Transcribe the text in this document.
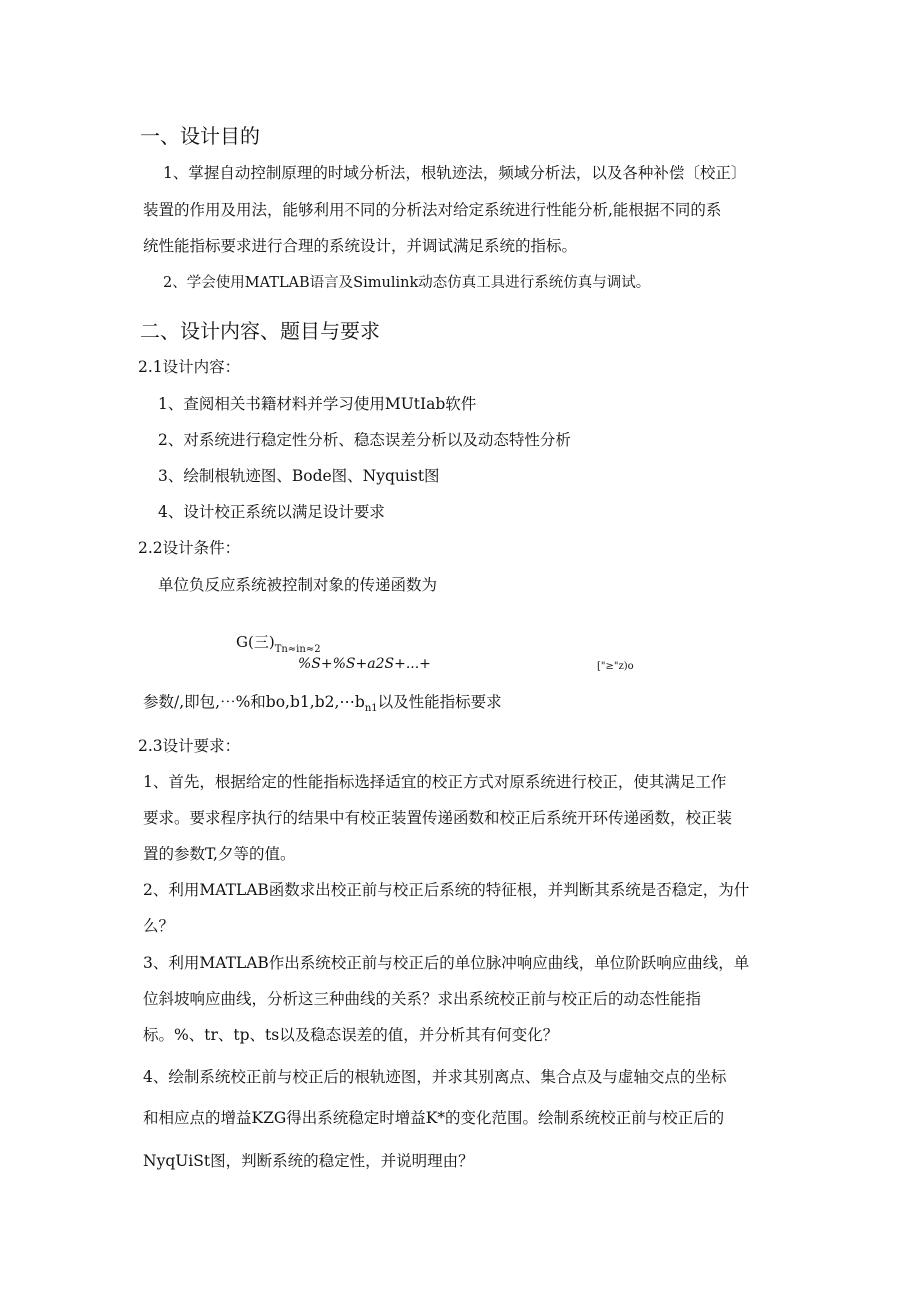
一、设计目的
1、掌握自动控制原理的时域分析法，根轨迹法，频域分析法，以及各种补偿〔校正〕
装置的作用及用法，能够利用不同的分析法对给定系统进行性能分析,能根据不同的系
统性能指标要求进行合理的系统设计，并调试满足系统的指标。
2、学会使用MATLAB语言及Simulink动态仿真工具进行系统仿真与调试。
二、设计内容、题目与要求
2.1设计内容：
1、查阅相关书籍材料并学习使用MUtIab软件
2、对系统进行稳定性分析、稳态误差分析以及动态特性分析
3、绘制根轨迹图、Bode图、Nyquist图
4、设计校正系统以满足设计要求
2.2设计条件：
单位负反应系统被控制对象的传递函数为
G(三)$_{Tn\approx in\approx 2}$
%S+%S+a2S+...+	["≥"z)o
参数/,即包,⋯%和$bo,b1,b2,\cdots b_{n1}$以及性能指标要求
2.3设计要求：
1、首先，根据给定的性能指标选择适宜的校正方式对原系统进行校正，使其满足工作
要求。要求程序执行的结果中有校正装置传递函数和校正后系统开环传递函数，校正装
置的参数T,夕等的值。
2、利用MATLAB函数求出校正前与校正后系统的特征根，并判断其系统是否稳定，为什
么？
3、利用MATLAB作出系统校正前与校正后的单位脉冲响应曲线，单位阶跃响应曲线，单
位斜坡响应曲线，分析这三种曲线的关系？求出系统校正前与校正后的动态性能指
标。%、tr、tp、ts以及稳态误差的值，并分析其有何变化？
4、绘制系统校正前与校正后的根轨迹图，并求其别离点、集合点及与虚轴交点的坐标
和相应点的增益KZG得出系统稳定时增益K*的变化范围。绘制系统校正前与校正后的
NyqUiSt图，判断系统的稳定性，并说明理由？
